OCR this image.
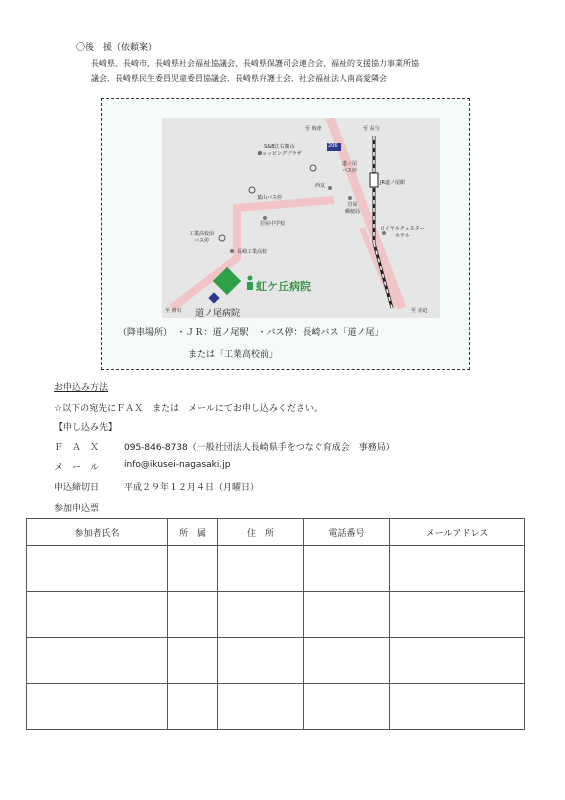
〇後　援（依頼案）
長崎県、長崎市、長崎県社会福祉協議会、長崎県保護司会連合会、福祉的支援協力事業所協
議会、長崎県民生委員児童委員協議会、長崎県弁護士会、社会福祉法人南高愛隣会
至 時津	至 長与
206
S&B江右衛山
ショッピングプラザ
道ノ尾
バス停
西友	JR道ノ尾駅
葉山バス停
岩屋中学校
岩屋
郵便局
ロイヤルチェスター
ホテル
工業高校前
バス停
長崎工業高校
虹ケ丘病院
道ノ尾病院
至 滑石	至 赤迫
（降車場所）　・ＪＲ：道ノ尾駅　・バス停：長崎バス「道ノ尾」
または「工業高校前」
お申込み方法
☆以下の宛先にＦＡＸ　または　メールにてお申し込みください。
【申し込み先】
Ｆ　Ａ　Ｘ	095-846-8738（一般社団法人長崎県手をつなぐ育成会　事務局）
メ　ー　ル	info@ikusei-nagasaki.jp
申込締切日	平成２９年１２月４日（月曜日）
参加申込票
参加者氏名	所　属	住　所	電話番号	メールアドレス
